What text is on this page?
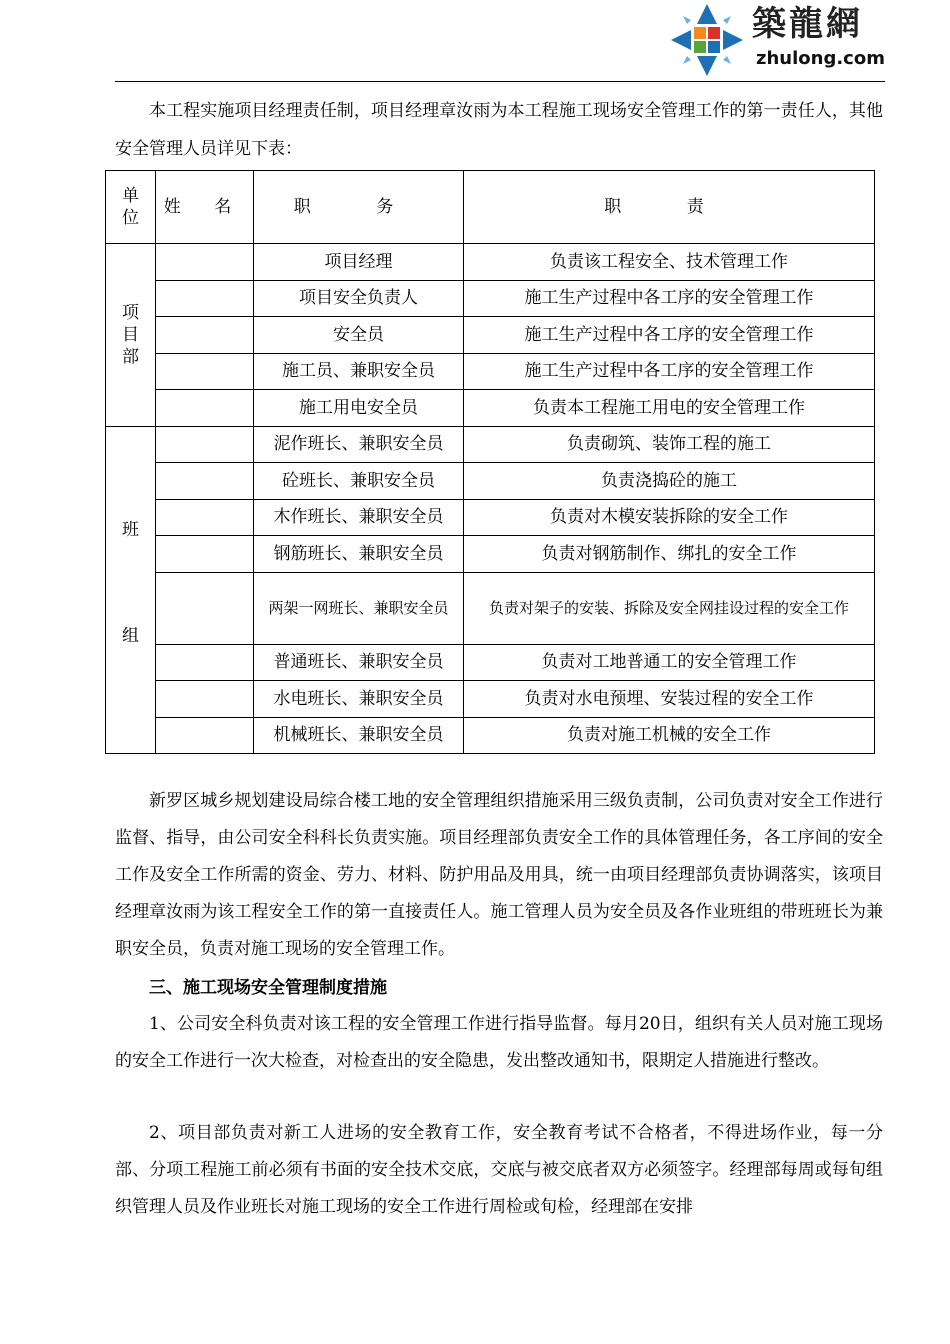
築龍網
zhulong.com

本工程实施项目经理责任制，项目经理章汝雨为本工程施工现场安全管理工作的第一责任人，其他安全管理人员详见下表：

单
位	姓 名	职 务	职 责

项
目
部		项目经理	负责该工程安全、技术管理工作
		项目安全负责人	施工生产过程中各工序的安全管理工作
		安全员	施工生产过程中各工序的安全管理工作
		施工员、兼职安全员	施工生产过程中各工序的安全管理工作
		施工用电安全员	负责本工程施工用电的安全管理工作

班
组		泥作班长、兼职安全员	负责砌筑、装饰工程的施工
		砼班长、兼职安全员	负责浇捣砼的施工
		木作班长、兼职安全员	负责对木模安装拆除的安全工作
		钢筋班长、兼职安全员	负责对钢筋制作、绑扎的安全工作
		两架一网班长、兼职安全员	负责对架子的安装、拆除及安全网挂设过程的安全工作
		普通班长、兼职安全员	负责对工地普通工的安全管理工作
		水电班长、兼职安全员	负责对水电预埋、安装过程的安全工作
		机械班长、兼职安全员	负责对施工机械的安全工作

新罗区城乡规划建设局综合楼工地的安全管理组织措施采用三级负责制，公司负责对安全工作进行监督、指导，由公司安全科科长负责实施。项目经理部负责安全工作的具体管理任务，各工序间的安全工作及安全工作所需的资金、劳力、材料、防护用品及用具，统一由项目经理部负责协调落实，该项目经理章汝雨为该工程安全工作的第一直接责任人。施工管理人员为安全员及各作业班组的带班班长为兼职安全员，负责对施工现场的安全管理工作。

三、施工现场安全管理制度措施

1、公司安全科负责对该工程的安全管理工作进行指导监督。每月20日，组织有关人员对施工现场的安全工作进行一次大检查，对检查出的安全隐患，发出整改通知书，限期定人措施进行整改。

2、项目部负责对新工人进场的安全教育工作，安全教育考试不合格者，不得进场作业，每一分部、分项工程施工前必须有书面的安全技术交底，交底与被交底者双方必须签字。经理部每周或每旬组织管理人员及作业班长对施工现场的安全工作进行周检或旬检，经理部在安排
